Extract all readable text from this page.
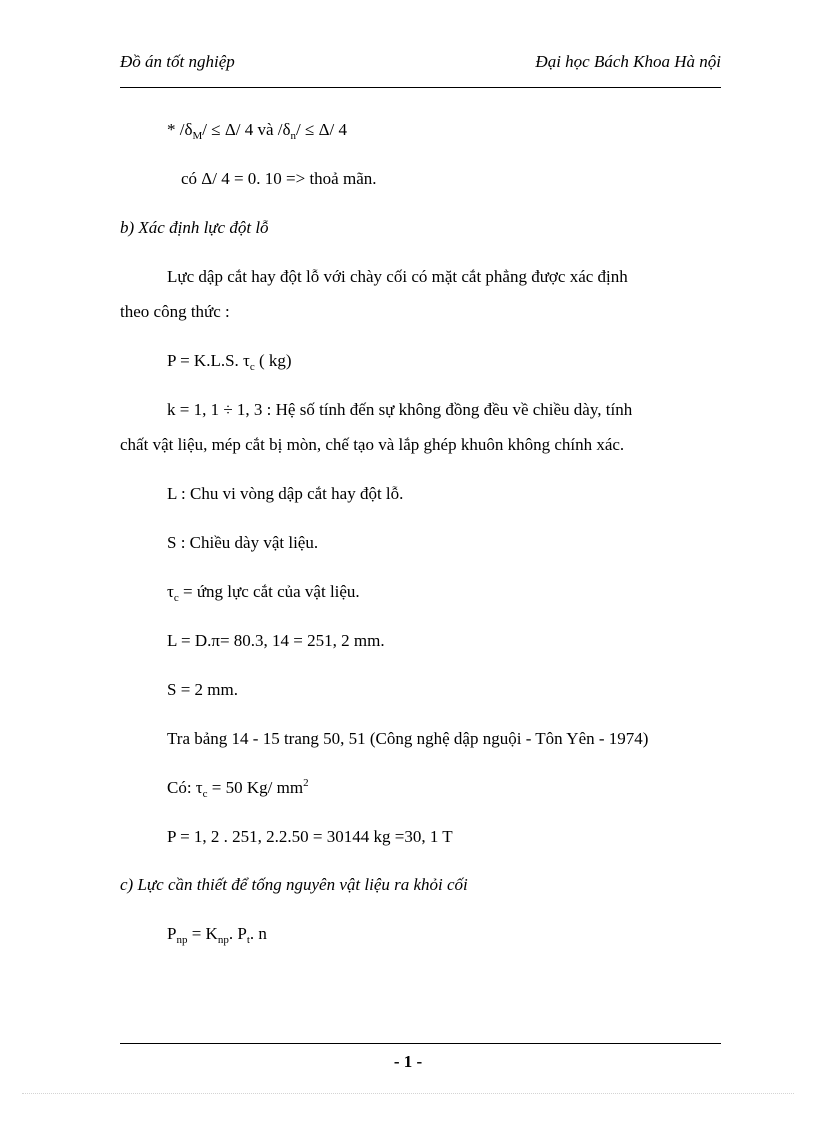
Đồ án tốt nghiệp	Đại học Bách Khoa Hà nội
* $/\delta_M/ \le \Delta/$ 4 và $/\delta_n/ \le \Delta/$ 4
có Δ/ 4 = 0. 10 => thoả mãn.
b) Xác định lực đột lỗ
Lực dập cắt hay đột lỗ với chày cối có mặt cắt phẳng được xác định
theo công thức :
P = K.L.S. $\tau_c$ ( kg)
k = 1, 1 ÷ 1, 3 : Hệ số tính đến sự không đồng đều về chiều dày, tính
chất vật liệu, mép cắt bị mòn, chế tạo và lắp ghép khuôn không chính xác.
L : Chu vi vòng dập cắt hay đột lỗ.
S : Chiều dày vật liệu.
$\tau_c$ = ứng lực cắt của vật liệu.
L = D.π= 80.3, 14 = 251, 2 mm.
S = 2 mm.
Tra bảng 14 - 15 trang 50, 51 (Công nghệ dập nguội - Tôn Yên - 1974)
Có: $\tau_c = 50$ Kg/ $mm^2$
P = 1, 2 . 251, 2.2.50 = 30144 kg =30, 1 T
c) Lực cần thiết để tống nguyên vật liệu ra khỏi cối
$P_{np} = K_{np}$. $P_t$. n
- 1 -
